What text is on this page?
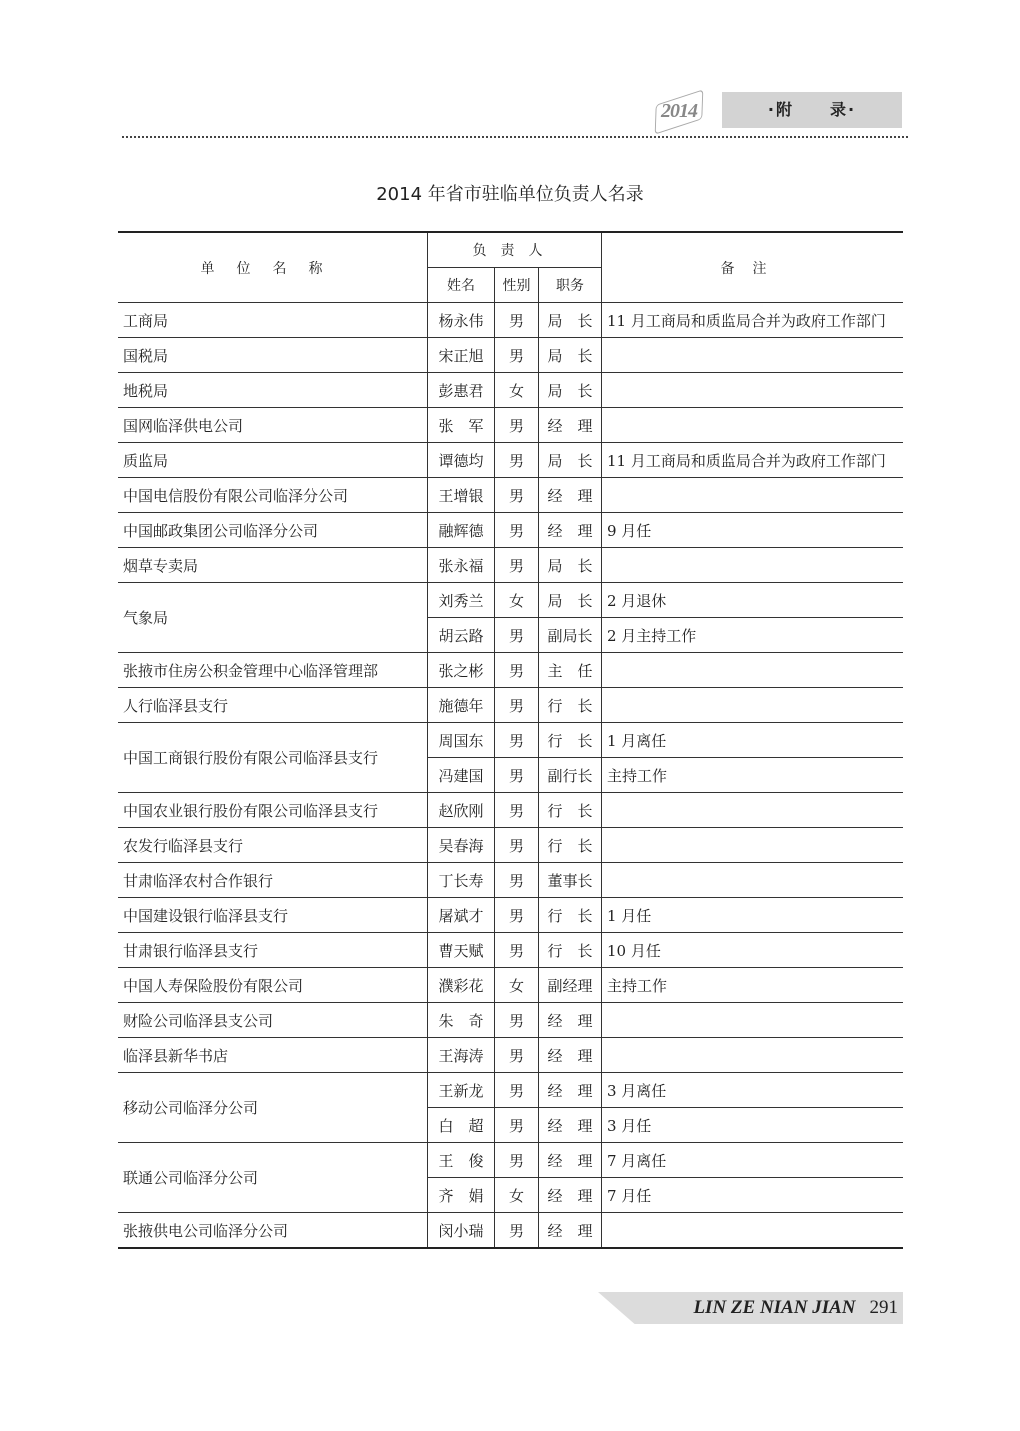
2014	·附　　录·
2014 年省市驻临单位负责人名录
单位名称	负责人			备注
	姓名	性别	职务	
工商局	杨永伟	男	局　长	11 月工商局和质监局合并为政府工作部门
国税局	宋正旭	男	局　长	
地税局	彭惠君	女	局　长	
国网临泽供电公司	张　军	男	经　理	
质监局	谭德均	男	局　长	11 月工商局和质监局合并为政府工作部门
中国电信股份有限公司临泽分公司	王增银	男	经　理	
中国邮政集团公司临泽分公司	融辉德	男	经　理	9 月任
烟草专卖局	张永福	男	局　长	
气象局	刘秀兰	女	局　长	2 月退休
	胡云路	男	副局长	2 月主持工作
张掖市住房公积金管理中心临泽管理部	张之彬	男	主　任	
人行临泽县支行	施德年	男	行　长	
中国工商银行股份有限公司临泽县支行	周国东	男	行　长	1 月离任
	冯建国	男	副行长	主持工作
中国农业银行股份有限公司临泽县支行	赵欣刚	男	行　长	
农发行临泽县支行	吴春海	男	行　长	
甘肃临泽农村合作银行	丁长寿	男	董事长	
中国建设银行临泽县支行	屠斌才	男	行　长	1 月任
甘肃银行临泽县支行	曹天赋	男	行　长	10 月任
中国人寿保险股份有限公司	濮彩花	女	副经理	主持工作
财险公司临泽县支公司	朱　奇	男	经　理	
临泽县新华书店	王海涛	男	经　理	
移动公司临泽分公司	王新龙	男	经　理	3 月离任
	白　超	男	经　理	3 月任
联通公司临泽分公司	王　俊	男	经　理	7 月离任
	齐　娟	女	经　理	7 月任
张掖供电公司临泽分公司	闵小瑞	男	经　理	
LIN ZE NIAN JIAN 291
